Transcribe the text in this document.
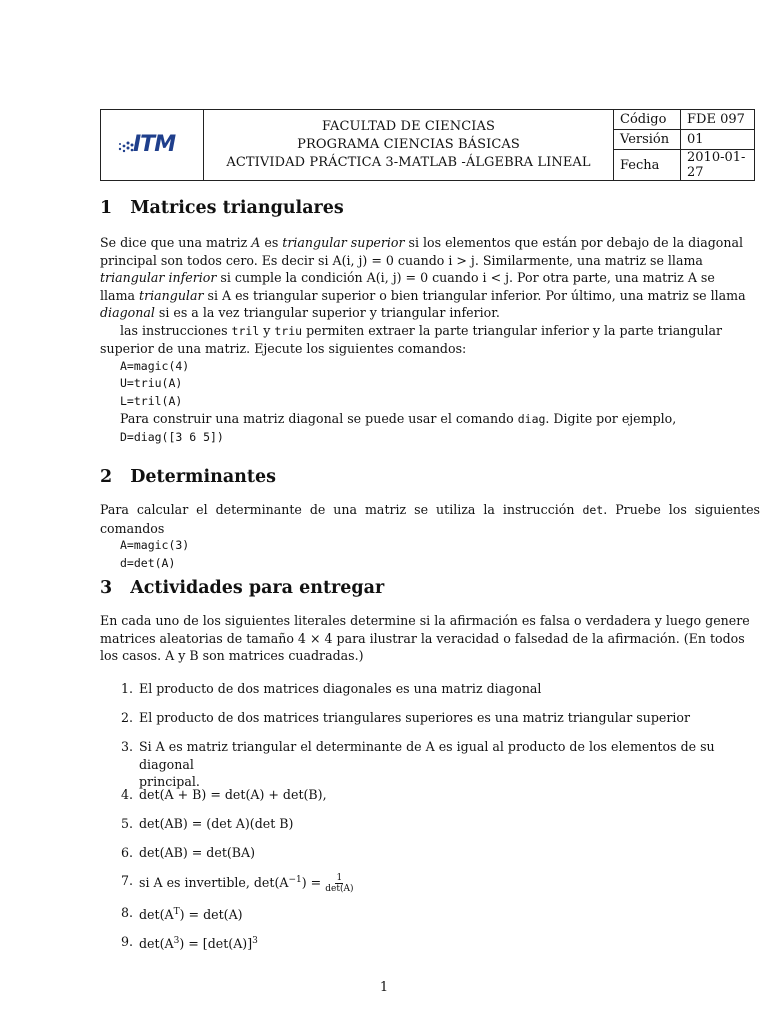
ITM
FACULTAD DE CIENCIAS
PROGRAMA CIENCIAS BÁSICAS
ACTIVIDAD PRÁCTICA 3-MATLAB -ÁLGEBRA LINEAL
Código	FDE 097
Versión	01
Fecha	2010-01-27
1 Matrices triangulares
Se dice que una matriz A es triangular superior si los elementos que están por debajo de la diagonal
principal son todos cero. Es decir si A(i, j) = 0 cuando i > j. Similarmente, una matriz se llama
triangular inferior si cumple la condición A(i, j) = 0 cuando i < j. Por otra parte, una matriz A se
llama triangular si A es triangular superior o bien triangular inferior. Por último, una matriz se llama
diagonal si es a la vez triangular superior y triangular inferior.
las instrucciones tril y triu permiten extraer la parte triangular inferior y la parte triangular
superior de una matriz. Ejecute los siguientes comandos:
A=magic(4)
U=triu(A)
L=tril(A)
Para construir una matriz diagonal se puede usar el comando diag. Digite por ejemplo,
D=diag([3 6 5])
2 Determinantes
Para calcular el determinante de una matriz se utiliza la instrucción det. Pruebe los siguientes comandos
A=magic(3)
d=det(A)
3 Actividades para entregar
En cada uno de los siguientes literales determine si la afirmación es falsa o verdadera y luego genere
matrices aleatorias de tamaño 4 × 4 para ilustrar la veracidad o falsedad de la afirmación. (En todos
los casos. A y B son matrices cuadradas.)
1. El producto de dos matrices diagonales es una matriz diagonal
2. El producto de dos matrices triangulares superiores es una matriz triangular superior
3. Si A es matriz triangular el determinante de A es igual al producto de los elementos de su diagonal
principal.
4. det(A + B) = det(A) + det(B),
5. det(AB) = (det A)(det B)
6. det(AB) = det(BA)
7. si A es invertible, $\det(A^{-1}) = 1$
det(A)
8. $\det(A^T) = \det(A)$
9. $\det(A^3) = [\det(A)]^3$
1
